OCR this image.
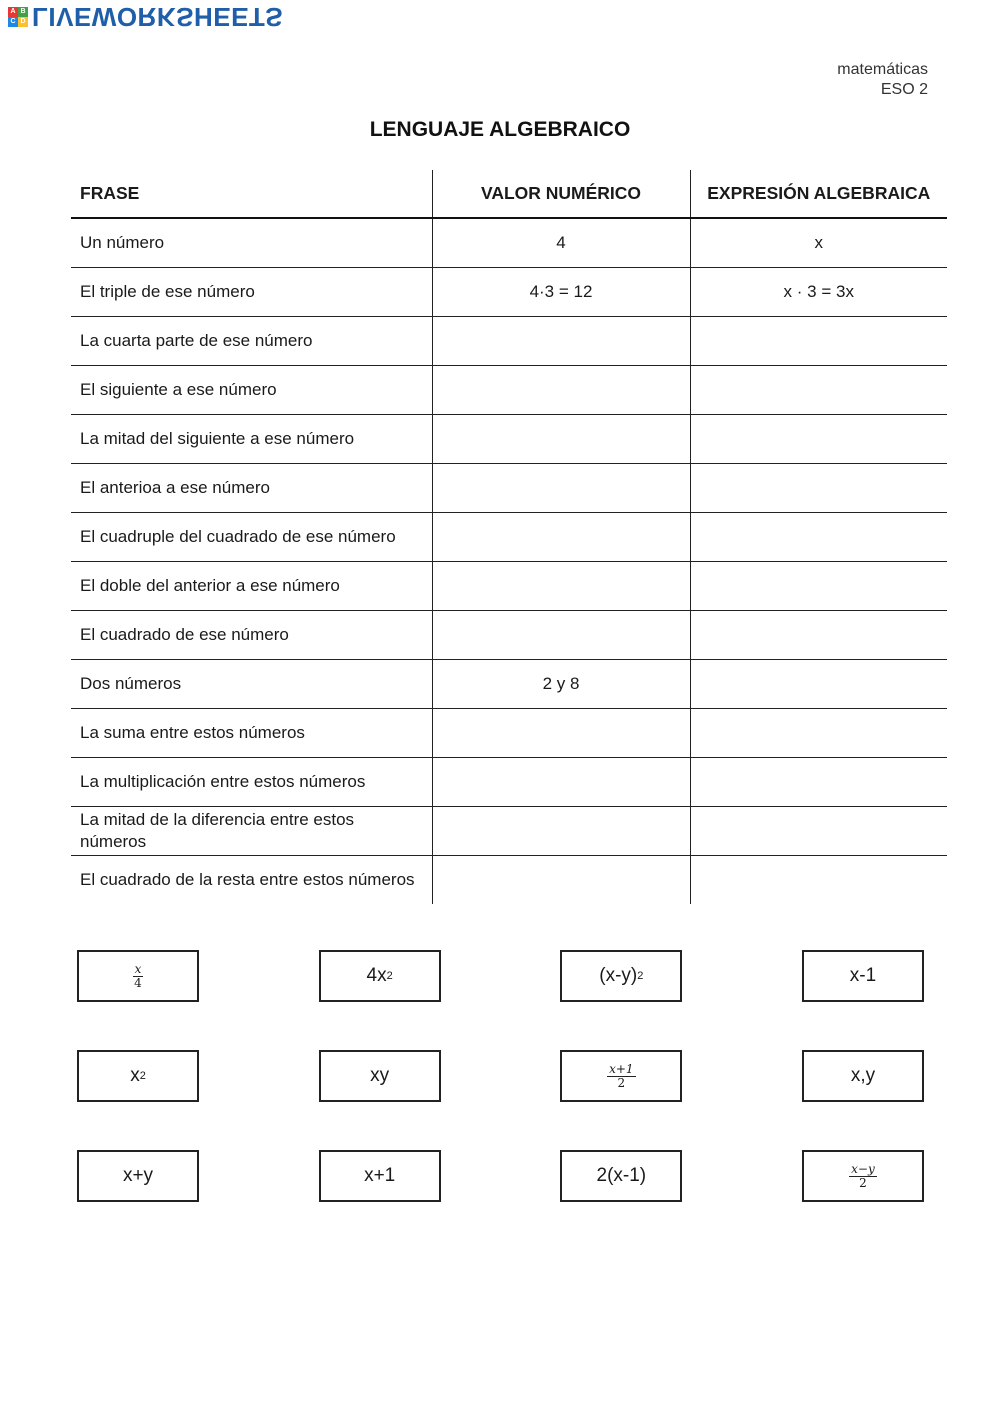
A B
C D LIVEWORKSHEETS
matemáticas
ESO 2
LENGUAJE ALGEBRAICO
FRASE	VALOR NUMÉRICO	EXPRESIÓN ALGEBRAICA
Un número	4	x
El triple de ese número	4·3 = 12	x · 3 = 3x
La cuarta parte de ese número		
El siguiente a ese número		
La mitad del siguiente a ese número		
El anterioa a ese número		
El cuadruple del cuadrado de ese número		
El doble del anterior a ese número		
El cuadrado de ese número		
Dos números	2 y 8	
La suma entre estos números		
La multiplicación entre estos números		
La mitad de la diferencia entre estos números		
El cuadrado de la resta entre estos números		
$\frac{x}{4}$	4x 2	(x-y) 2	x-1
x 2	xy	$\frac{x+1}{2}$	x,y
x+y	x+1	2(x-1)	$\frac{x-y}{2}$
